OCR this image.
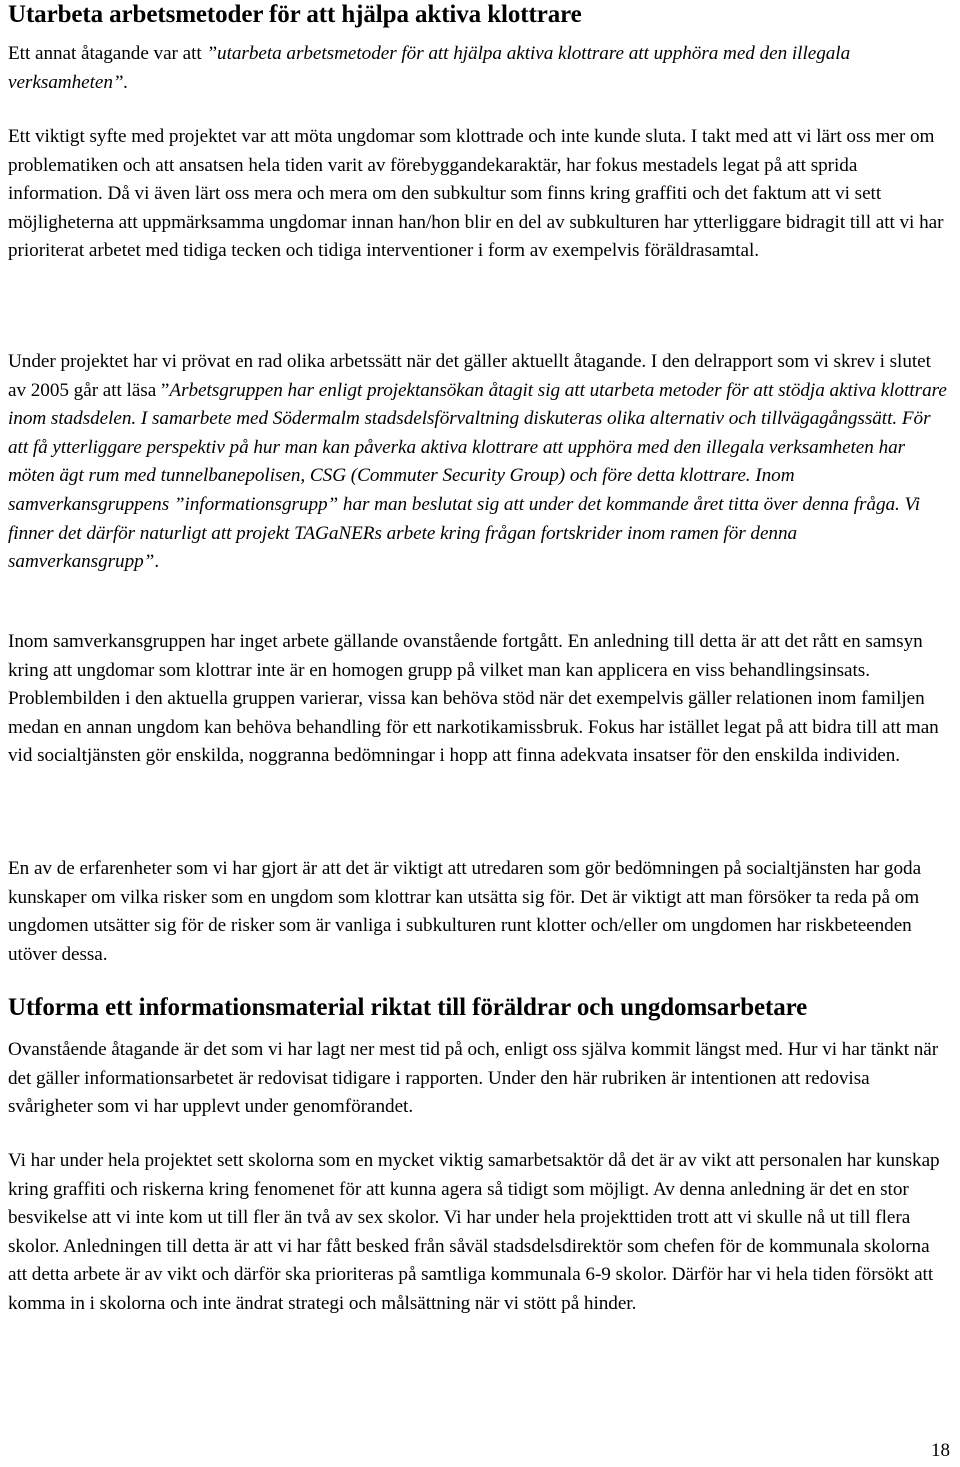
Utarbeta arbetsmetoder för att hjälpa aktiva klottrare

Ett annat åtagande var att ”utarbeta arbetsmetoder för att hjälpa aktiva klottrare att upphöra med den illegala verksamheten”.

Ett viktigt syfte med projektet var att möta ungdomar som klottrade och inte kunde sluta. I takt med att vi lärt oss mer om problematiken och att ansatsen hela tiden varit av förebyggandekaraktär, har fokus mestadels legat på att sprida information. Då vi även lärt oss mera och mera om den subkultur som finns kring graffiti och det faktum att vi sett möjligheterna att uppmärksamma ungdomar innan han/hon blir en del av subkulturen har ytterliggare bidragit till att vi har prioriterat arbetet med tidiga tecken och tidiga interventioner i form av exempelvis föräldrasamtal.

Under projektet har vi prövat en rad olika arbetssätt när det gäller aktuellt åtagande. I den delrapport som vi skrev i slutet av 2005 går att läsa ”Arbetsgruppen har enligt projektansökan åtagit sig att utarbeta metoder för att stödja aktiva klottrare inom stadsdelen. I samarbete med Södermalm stadsdelsförvaltning diskuteras olika alternativ och tillvägagångssätt. För att få ytterliggare perspektiv på hur man kan påverka aktiva klottrare att upphöra med den illegala verksamheten har möten ägt rum med tunnelbanepolisen, CSG (Commuter Security Group) och före detta klottrare. Inom samverkansgruppens ”informationsgrupp” har man beslutat sig att under det kommande året titta över denna fråga. Vi finner det därför naturligt att projekt TAGaNERs arbete kring frågan fortskrider inom ramen för denna samverkansgrupp”.

Inom samverkansgruppen har inget arbete gällande ovanstående fortgått. En anledning till detta är att det rått en samsyn kring att ungdomar som klottrar inte är en homogen grupp på vilket man kan applicera en viss behandlingsinsats. Problembilden i den aktuella gruppen varierar, vissa kan behöva stöd när det exempelvis gäller relationen inom familjen medan en annan ungdom kan behöva behandling för ett narkotikamissbruk. Fokus har istället legat på att bidra till att man vid socialtjänsten gör enskilda, noggranna bedömningar i hopp att finna adekvata insatser för den enskilda individen.

En av de erfarenheter som vi har gjort är att det är viktigt att utredaren som gör bedömningen på socialtjänsten har goda kunskaper om vilka risker som en ungdom som klottrar kan utsätta sig för. Det är viktigt att man försöker ta reda på om ungdomen utsätter sig för de risker som är vanliga i subkulturen runt klotter och/eller om ungdomen har riskbeteenden utöver dessa.

Utforma ett informationsmaterial riktat till föräldrar och ungdomsarbetare

Ovanstående åtagande är det som vi har lagt ner mest tid på och, enligt oss själva kommit längst med. Hur vi har tänkt när det gäller informationsarbetet är redovisat tidigare i rapporten. Under den här rubriken är intentionen att redovisa svårigheter som vi har upplevt under genomförandet.

Vi har under hela projektet sett skolorna som en mycket viktig samarbetsaktör då det är av vikt att personalen har kunskap kring graffiti och riskerna kring fenomenet för att kunna agera så tidigt som möjligt. Av denna anledning är det en stor besvikelse att vi inte kom ut till fler än två av sex skolor. Vi har under hela projekttiden trott att vi skulle nå ut till flera skolor. Anledningen till detta är att vi har fått besked från såväl stadsdelsdirektör som chefen för de kommunala skolorna att detta arbete är av vikt och därför ska prioriteras på samtliga kommunala 6-9 skolor. Därför har vi hela tiden försökt att komma in i skolorna och inte ändrat strategi och målsättning när vi stött på hinder.

18
